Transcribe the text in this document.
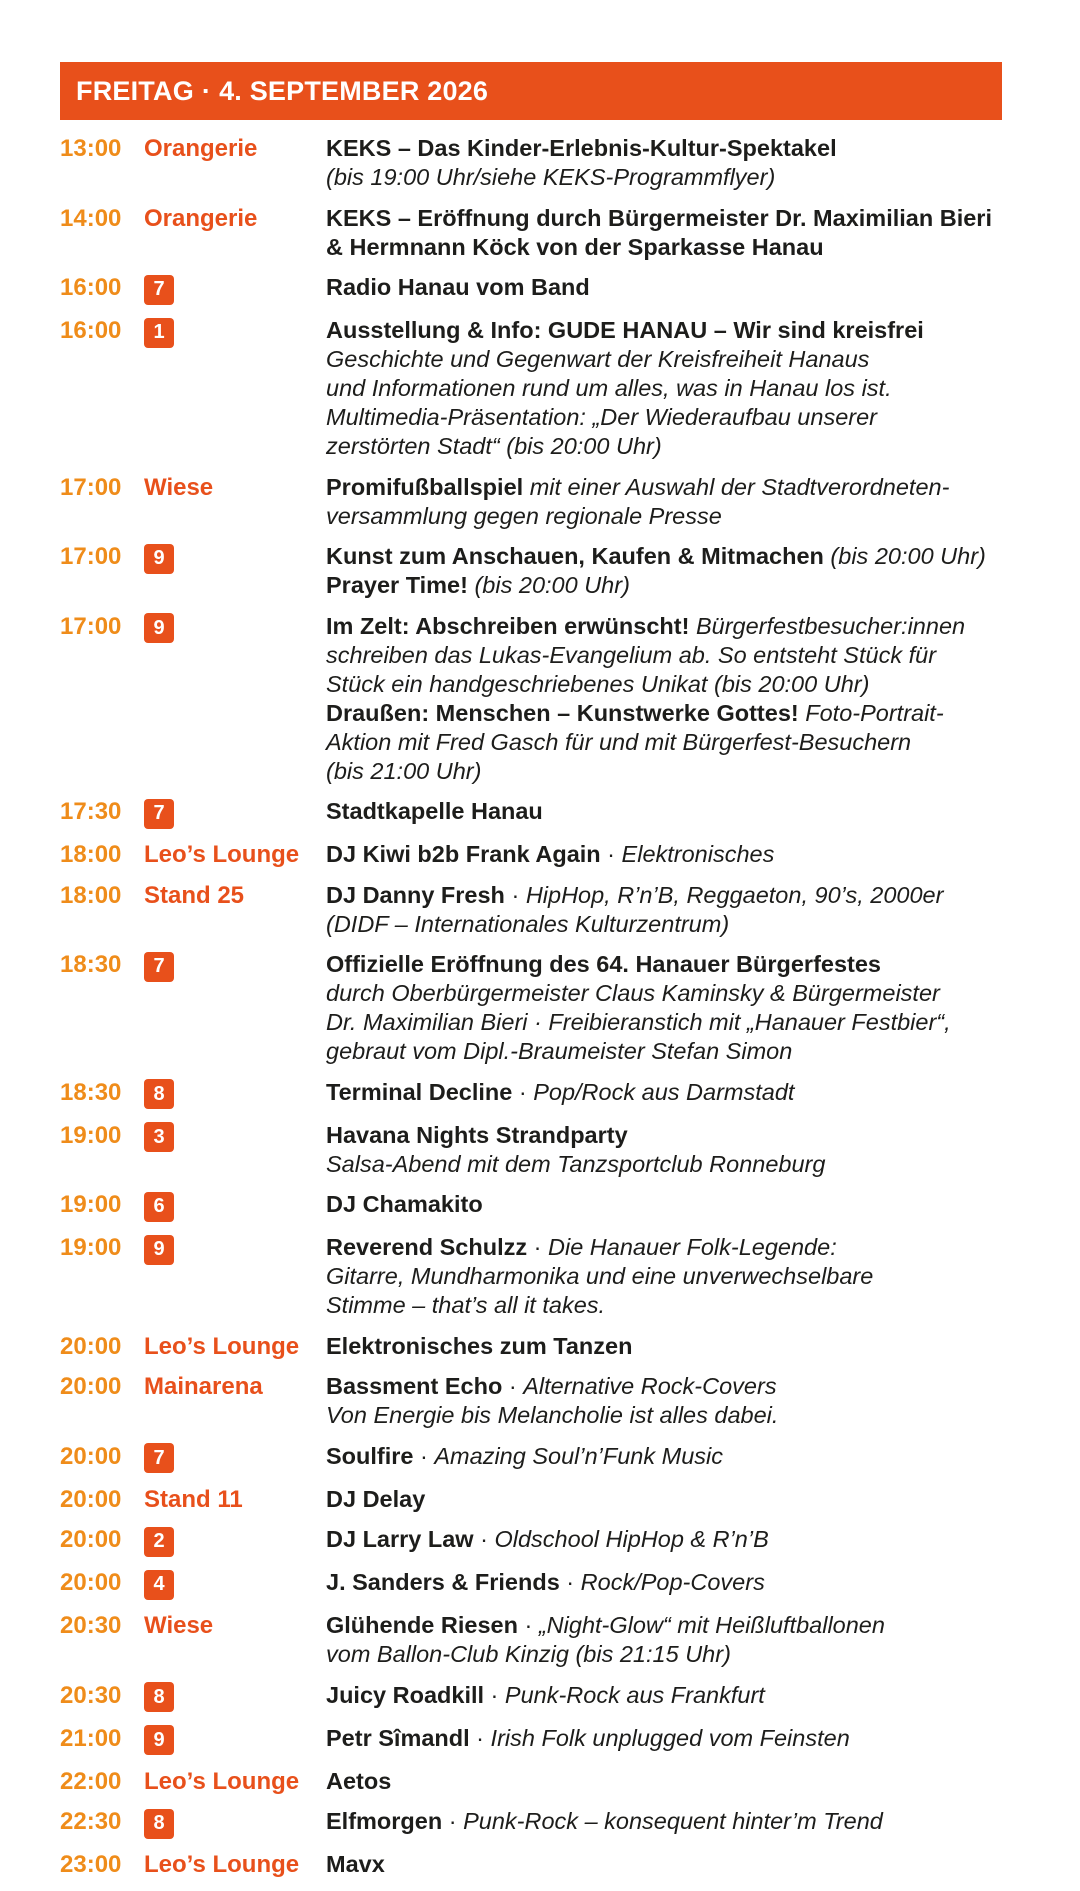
FREITAG · 4. SEPTEMBER 2026
13:00 Orangerie	KEKS – Das Kinder-Erlebnis-Kultur-Spektakel
(bis 19:00 Uhr/siehe KEKS-Programmflyer)
14:00 Orangerie	KEKS – Eröffnung durch Bürgermeister Dr. Maximilian Bieri
& Hermnann Köck von der Sparkasse Hanau
16:00	7	Radio Hanau vom Band
16:00	1	Ausstellung & Info: GUDE HANAU – Wir sind kreisfrei
Geschichte und Gegenwart der Kreisfreiheit Hanaus
und Informationen rund um alles, was in Hanau los ist.
Multimedia-Präsentation: „Der Wiederaufbau unserer
zerstörten Stadt“ (bis 20:00 Uhr)
17:00 Wiese	Promifußballspiel mit einer Auswahl der Stadtverordneten-
versammlung gegen regionale Presse
17:00	9	Kunst zum Anschauen, Kaufen & Mitmachen (bis 20:00 Uhr)
Prayer Time! (bis 20:00 Uhr)
17:00	9	Im Zelt: Abschreiben erwünscht! Bürgerfestbesucher:innen
schreiben das Lukas-Evangelium ab. So entsteht Stück für
Stück ein handgeschriebenes Unikat (bis 20:00 Uhr)
Draußen: Menschen – Kunstwerke Gottes! Foto-Portrait-
Aktion mit Fred Gasch für und mit Bürgerfest-Besuchern
(bis 21:00 Uhr)
17:30	7	Stadtkapelle Hanau
18:00 Leo’s Lounge	DJ Kiwi b2b Frank Again · Elektronisches
18:00 Stand 25	DJ Danny Fresh · HipHop, R’n’B, Reggaeton, 90’s, 2000er
(DIDF – Internationales Kulturzentrum)
18:30	7	Offizielle Eröffnung des 64. Hanauer Bürgerfestes
durch Oberbürgermeister Claus Kaminsky & Bürgermeister
Dr. Maximilian Bieri · Freibieranstich mit „Hanauer Festbier“,
gebraut vom Dipl.-Braumeister Stefan Simon
18:30	8	Terminal Decline · Pop/Rock aus Darmstadt
19:00	3	Havana Nights Strandparty
Salsa-Abend mit dem Tanzsportclub Ronneburg
19:00	6	DJ Chamakito
19:00	9	Reverend Schulzz · Die Hanauer Folk-Legende:
Gitarre, Mundharmonika und eine unverwechselbare
Stimme – that’s all it takes.
20:00 Leo’s Lounge	Elektronisches zum Tanzen
20:00 Mainarena	Bassment Echo · Alternative Rock-Covers
Von Energie bis Melancholie ist alles dabei.
20:00	7	Soulfire · Amazing Soul’n’Funk Music
20:00 Stand 11	DJ Delay
20:00	2	DJ Larry Law · Oldschool HipHop & R’n’B
20:00	4	J. Sanders & Friends · Rock/Pop-Covers
20:30 Wiese	Glühende Riesen · „Night-Glow“ mit Heißluftballonen
vom Ballon-Club Kinzig (bis 21:15 Uhr)
20:30	8	Juicy Roadkill · Punk-Rock aus Frankfurt
21:00	9	Petr Sîmandl · Irish Folk unplugged vom Feinsten
22:00 Leo’s Lounge	Aetos
22:30	8	Elfmorgen · Punk-Rock – konsequent hinter’m Trend
23:00 Leo’s Lounge	Mavx
